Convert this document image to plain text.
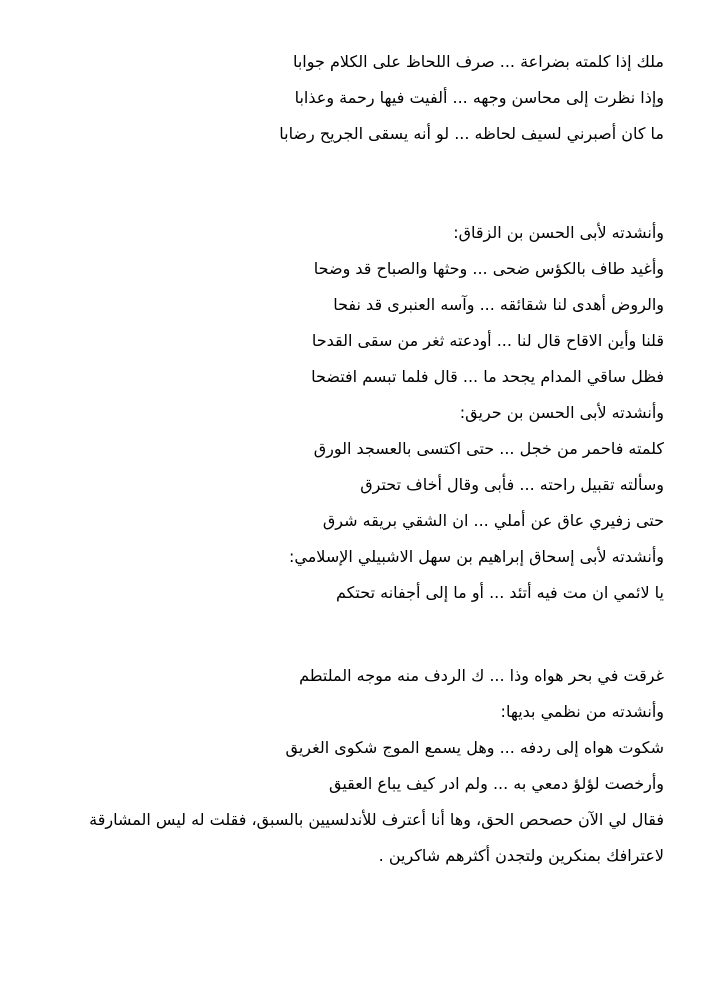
ملك إذا كلمته بضراعة ... صرف اللحاظ على الكلام جوابا
وإذا نظرت إلى محاسن وجهه ... ألفيت فيها رحمة وعذابا
ما كان أصبرني لسيف لحاظه ... لو أنه يسقى الجريح رضابا
وأنشدته لأبى الحسن بن الزقاق:
وأغيد طاف بالكؤس ضحى ... وحثها والصباح قد وضحا
والروض أهدى لنا شقائقه ... وآسه العنبرى قد نفحا
قلنا وأين الاقاح قال لنا ... أودعته ثغر من سقى القدحا
فظل ساقي المدام يجحد ما ... قال فلما تبسم افتضحا
وأنشدته لأبى الحسن بن حريق:
كلمته فاحمر من خجل ... حتى اكتسى بالعسجد الورق
وسألته تقبيل راحته ... فأبى وقال أخاف تحترق
حتى زفيري عاق عن أملي ... ان الشقي بريقه شرق
وأنشدته لأبى إسحاق إبراهيم بن سهل الاشبيلي الإسلامي:
يا لائمي ان مت فيه أتئد ... أو ما إلى أجفانه تحتكم
غرقت في بحر هواه وذا ... ك الردف منه موجه الملتطم
وأنشدته من نظمي بديها:
شكوت هواه إلى ردفه ... وهل يسمع الموج شكوى الغريق
وأرخصت لؤلؤ دمعي به ... ولم ادر كيف يباع العقيق
فقال لي الآن حصحص الحق، وها أنا أعترف للأندلسيين بالسبق، فقلت له ليس المشارقة لاعترافك بمنكرين ولتجدن أكثرهم شاكرين .
